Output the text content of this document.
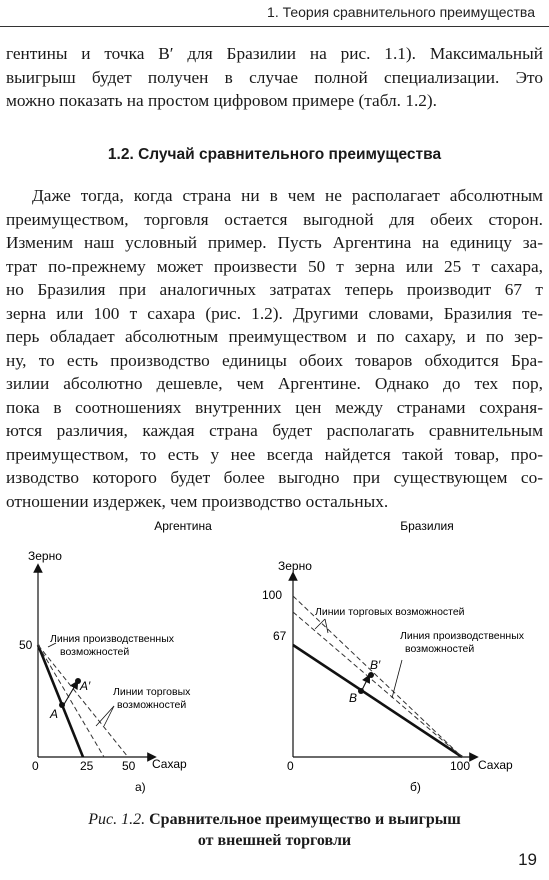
1. Теория сравнительного преимущества

гентины и точка B′ для Бразилии на рис. 1.1). Максимальный
выигрыш будет получен в случае полной специализации. Это
можно показать на простом цифровом примере (табл. 1.2).

1.2. Случай сравнительного преимущества

Даже тогда, когда страна ни в чем не располагает абсолютным
преимуществом, торговля остается выгодной для обеих сторон.
Изменим наш условный пример. Пусть Аргентина на единицу за-
трат по-прежнему может произвести 50 т зерна или 25 т сахара,
но Бразилия при аналогичных затратах теперь производит 67 т
зерна или 100 т сахара (рис. 1.2). Другими словами, Бразилия те-
перь обладает абсолютным преимуществом и по сахару, и по зер-
ну, то есть производство единицы обоих товаров обходится Бра-
зилии абсолютно дешевле, чем Аргентине. Однако до тех пор,
пока в соотношениях внутренних цен между странами сохраня-
ются различия, каждая страна будет располагать сравнительным
преимуществом, то есть у нее всегда найдется такой товар, про-
изводство которого будет более выгодно при существующем со-
отношении издержек, чем производство остальных.

Аргентина
Зерно
Сахар
0
50
25 50
Линия производственных
возможностей
Линии торговых
возможностей
A
A′
а)
Бразилия
Зерно
Сахар
0
100
67
100
Линии торговых возможностей
Линия производственных
возможностей
B
B′
б)

Рис. 1.2. Сравнительное преимущество и выигрыш
от внешней торговли

19
